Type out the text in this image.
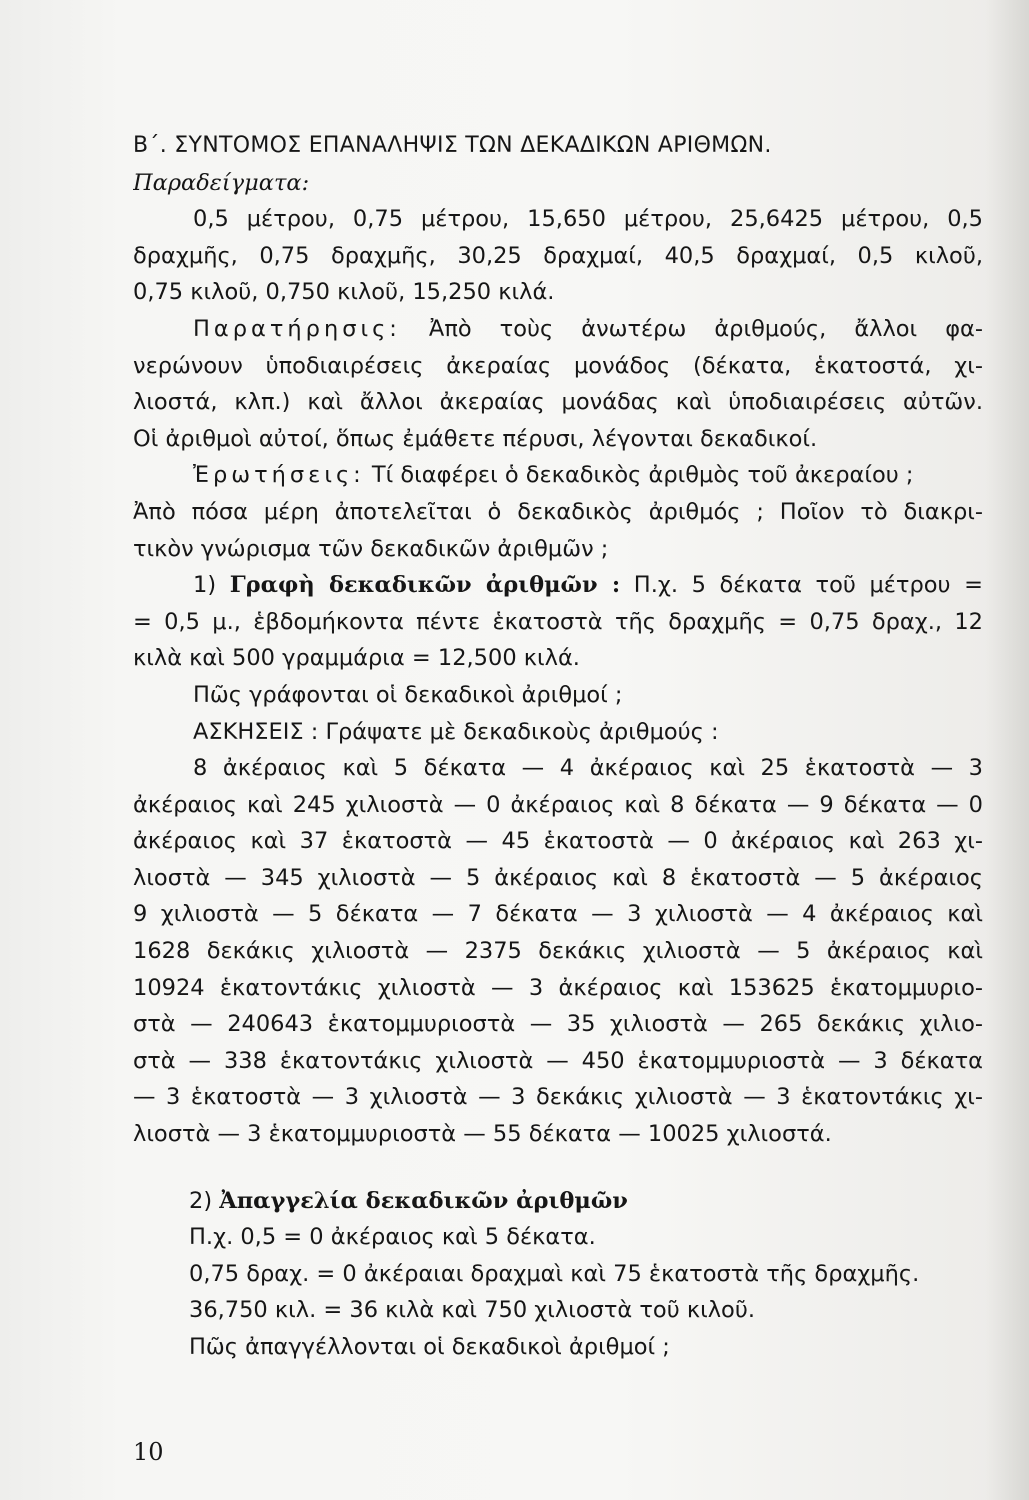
Β΄. ΣΥΝΤΟΜΟΣ ΕΠΑΝΑΛΗΨΙΣ ΤΩΝ ΔΕΚΑΔΙΚΩΝ ΑΡΙΘΜΩΝ.
Παραδείγματα:
0,5 μέτρου, 0,75 μέτρου, 15,650 μέτρου, 25,6425 μέτρου, 0,5
δραχμῆς, 0,75 δραχμῆς, 30,25 δραχμαί, 40,5 δραχμαί, 0,5 κιλοῦ,
0,75 κιλοῦ, 0,750 κιλοῦ, 15,250 κιλά.
Παρατήρησις: Ἀπὸ τοὺς ἀνωτέρω ἀριθμούς, ἄλλοι φα-
νερώνουν ὑποδιαιρέσεις ἀκεραίας μονάδος (δέκατα, ἑκατοστά, χι-
λιοστά, κλπ.) καὶ ἄλλοι ἀκεραίας μονάδας καὶ ὑποδιαιρέσεις αὐτῶν.
Οἱ ἀριθμοὶ αὐτοί, ὅπως ἐμάθετε πέρυσι, λέγονται δεκαδικοί.
Ἐρωτήσεις: Τί διαφέρει ὁ δεκαδικὸς ἀριθμὸς τοῦ ἀκεραίου ;
Ἀπὸ πόσα μέρη ἀποτελεῖται ὁ δεκαδικὸς ἀριθμός ; Ποῖον τὸ διακρι-
τικὸν γνώρισμα τῶν δεκαδικῶν ἀριθμῶν ;
1) Γραφὴ δεκαδικῶν ἀριθμῶν : Π.χ. 5 δέκατα τοῦ μέτρου =
= 0,5 μ., ἑβδομήκοντα πέντε ἑκατοστὰ τῆς δραχμῆς = 0,75 δραχ., 12
κιλὰ καὶ 500 γραμμάρια = 12,500 κιλά.
Πῶς γράφονται οἱ δεκαδικοὶ ἀριθμοί ;
ΑΣΚΗΣΕΙΣ : Γράψατε μὲ δεκαδικοὺς ἀριθμούς :
8 ἀκέραιος καὶ 5 δέκατα — 4 ἀκέραιος καὶ 25 ἑκατοστὰ — 3
ἀκέραιος καὶ 245 χιλιοστὰ — 0 ἀκέραιος καὶ 8 δέκατα — 9 δέκατα — 0
ἀκέραιος καὶ 37 ἑκατοστὰ — 45 ἑκατοστὰ — 0 ἀκέραιος καὶ 263 χι-
λιοστὰ — 345 χιλιοστὰ — 5 ἀκέραιος καὶ 8 ἑκατοστὰ — 5 ἀκέραιος
9 χιλιοστὰ — 5 δέκατα — 7 δέκατα — 3 χιλιοστὰ — 4 ἀκέραιος καὶ
1628 δεκάκις χιλιοστὰ — 2375 δεκάκις χιλιοστὰ — 5 ἀκέραιος καὶ
10924 ἑκατοντάκις χιλιοστὰ — 3 ἀκέραιος καὶ 153625 ἑκατομμυριο-
στὰ — 240643 ἑκατομμυριοστὰ — 35 χιλιοστὰ — 265 δεκάκις χιλιο-
στὰ — 338 ἑκατοντάκις χιλιοστὰ — 450 ἑκατομμυριοστὰ — 3 δέκατα
— 3 ἑκατοστὰ — 3 χιλιοστὰ — 3 δεκάκις χιλιοστὰ — 3 ἑκατοντάκις χι-
λιοστὰ — 3 ἑκατομμυριοστὰ — 55 δέκατα — 10025 χιλιοστά.
2) Ἀπαγγελία δεκαδικῶν ἀριθμῶν
Π.χ. 0,5 = 0 ἀκέραιος καὶ 5 δέκατα.
0,75 δραχ. = 0 ἀκέραιαι δραχμαὶ καὶ 75 ἑκατοστὰ τῆς δραχμῆς.
36,750 κιλ. = 36 κιλὰ καὶ 750 χιλιοστὰ τοῦ κιλοῦ.
Πῶς ἀπαγγέλλονται οἱ δεκαδικοὶ ἀριθμοί ;
10
